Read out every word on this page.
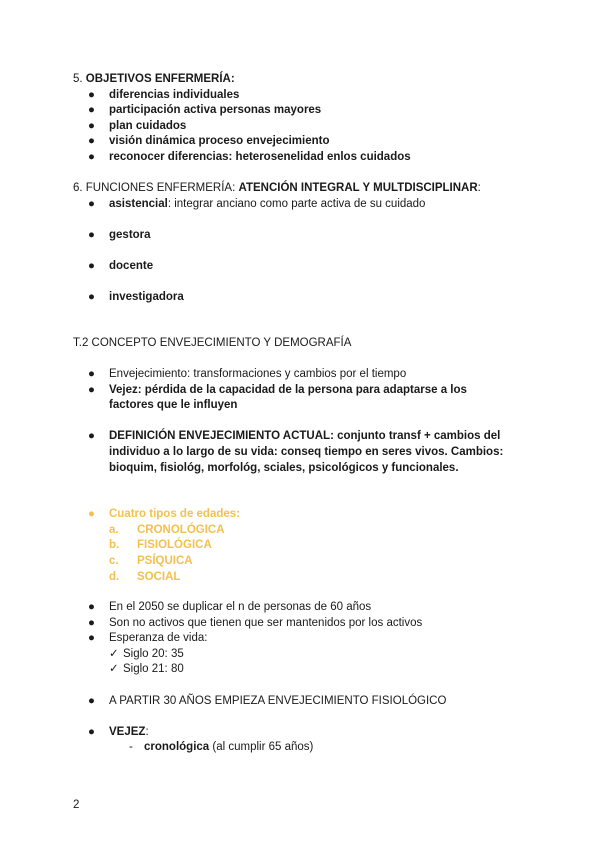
5. OBJETIVOS ENFERMERÍA:
● diferencias individuales
● participación activa personas mayores
● plan cuidados
● visión dinámica proceso envejecimiento
● reconocer diferencias: heterosenelidad enlos cuidados
6. FUNCIONES ENFERMERÍA: ATENCIÓN INTEGRAL Y MULTDISCIPLINAR:
● asistencial: integrar anciano como parte activa de su cuidado
● gestora
● docente
● investigadora
T.2 CONCEPTO ENVEJECIMIENTO Y DEMOGRAFÍA
● Envejecimiento: transformaciones y cambios por el tiempo
● Vejez: pérdida de la capacidad de la persona para adaptarse a los factores que le influyen
● DEFINICIÓN ENVEJECIMIENTO ACTUAL: conjunto transf + cambios del individuo a lo largo de su vida: conseq tiempo en seres vivos. Cambios: bioquim, fisiológ, morfológ, sciales, psicológicos y funcionales.
● Cuatro tipos de edades:
a. CRONOLÓGICA
b. FISIOLÓGICA
c. PSÍQUICA
d. SOCIAL
● En el 2050 se duplicar el n de personas de 60 años
● Son no activos que tienen que ser mantenidos por los activos
● Esperanza de vida:
✓ Siglo 20: 35
✓ Siglo 21: 80
● A PARTIR 30 AÑOS EMPIEZA ENVEJECIMIENTO FISIOLÓGICO
● VEJEZ:
- cronológica (al cumplir 65 años)
2
